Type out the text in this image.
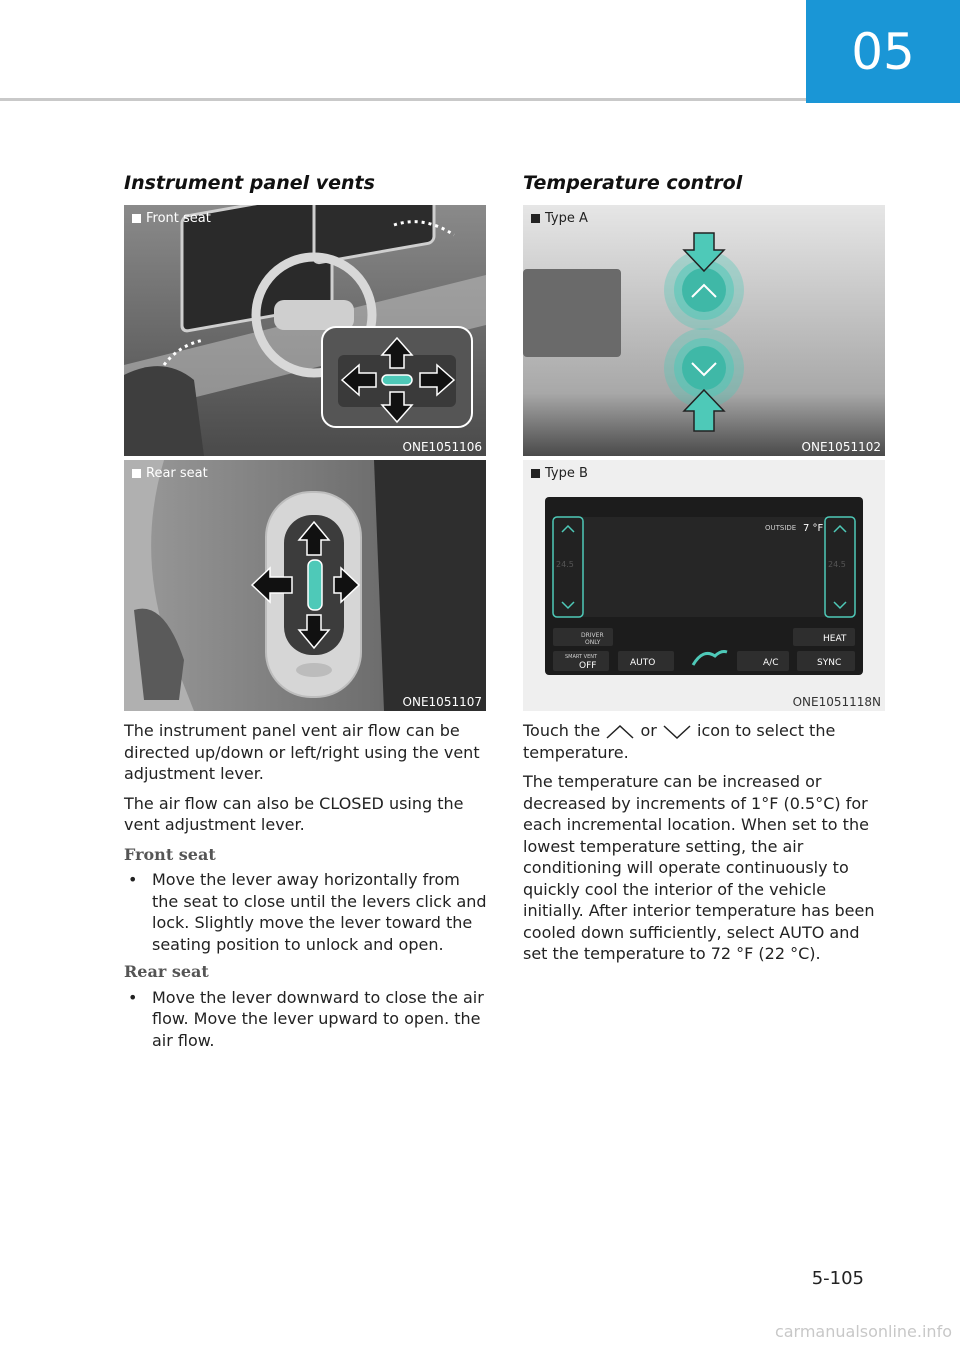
05
Instrument panel vents
Front seat
ONE1051106
Rear seat
ONE1051107

The instrument panel vent air flow can be directed up/down or left/right using the vent adjustment lever.

The air flow can also be CLOSED using the vent adjustment lever.

Front seat
• Move the lever away horizontally from the seat to close until the levers click and lock. Slightly move the lever toward the seating position to unlock and open.
Rear seat
• Move the lever downward to close the air flow. Move the lever upward to open. the air flow.
Temperature control
Type A
ONE1051102
OUTSIDE 7 °F
24.5	24.5
DRIVER
ONLY	HEAT
SMART VENT
OFF	AUTO	A/C	SYNC
Type B
ONE1051118N

Touch the	or	icon to select the temperature.

The temperature can be increased or decreased by increments of 1°F (0.5°C) for each incremental location. When set to the lowest temperature setting, the air conditioning will operate continuously to quickly cool the interior of the vehicle initially. After interior temperature has been cooled down sufficiently, select AUTO and set the temperature to 72 °F (22 °C).

5-105
carmanualsonline.info
